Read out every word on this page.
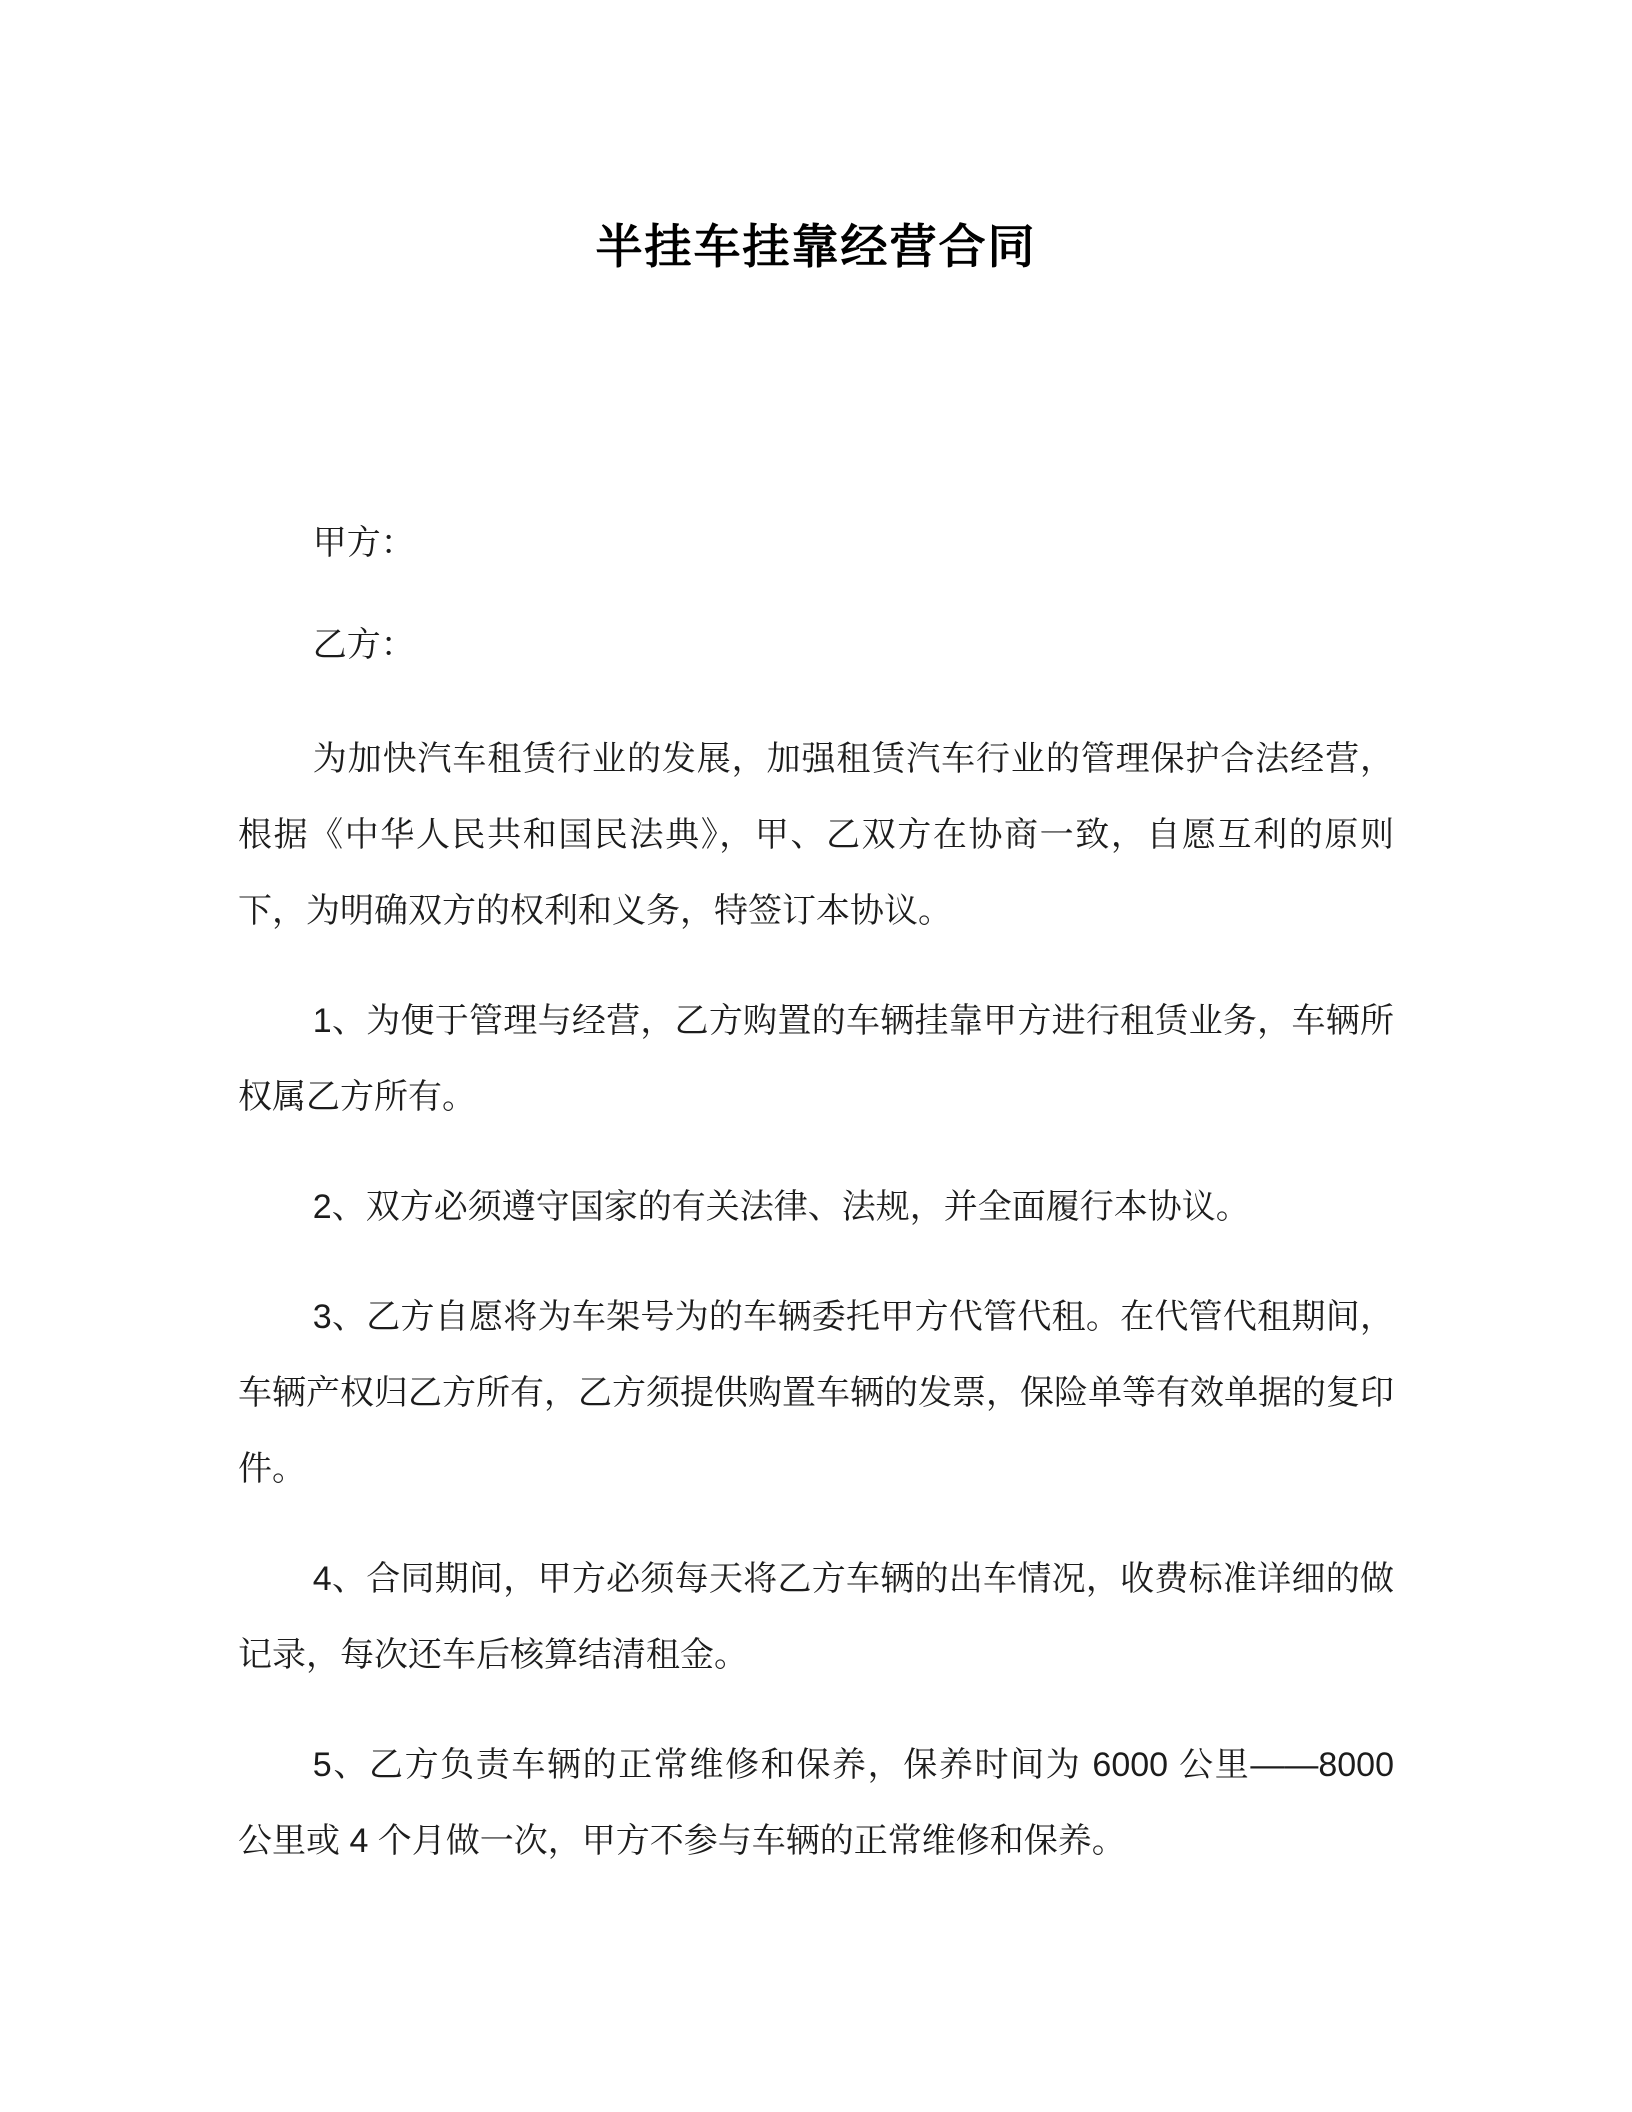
半挂车挂靠经营合同

甲方：

乙方：

为加快汽车租赁行业的发展，加强租赁汽车行业的管理保护合法经营，根据《中华人民共和国民法典》，甲、乙双方在协商一致，自愿互利的原则下，为明确双方的权利和义务，特签订本协议。

1、为便于管理与经营，乙方购置的车辆挂靠甲方进行租赁业务，车辆所权属乙方所有。

2、双方必须遵守国家的有关法律、法规，并全面履行本协议。

3、乙方自愿将为车架号为的车辆委托甲方代管代租。在代管代租期间，车辆产权归乙方所有，乙方须提供购置车辆的发票，保险单等有效单据的复印件。

4、合同期间，甲方必须每天将乙方车辆的出车情况，收费标准详细的做记录，每次还车后核算结清租金。

5、乙方负责车辆的正常维修和保养，保养时间为 6000 公里——8000 公里或 4 个月做一次，甲方不参与车辆的正常维修和保养。
